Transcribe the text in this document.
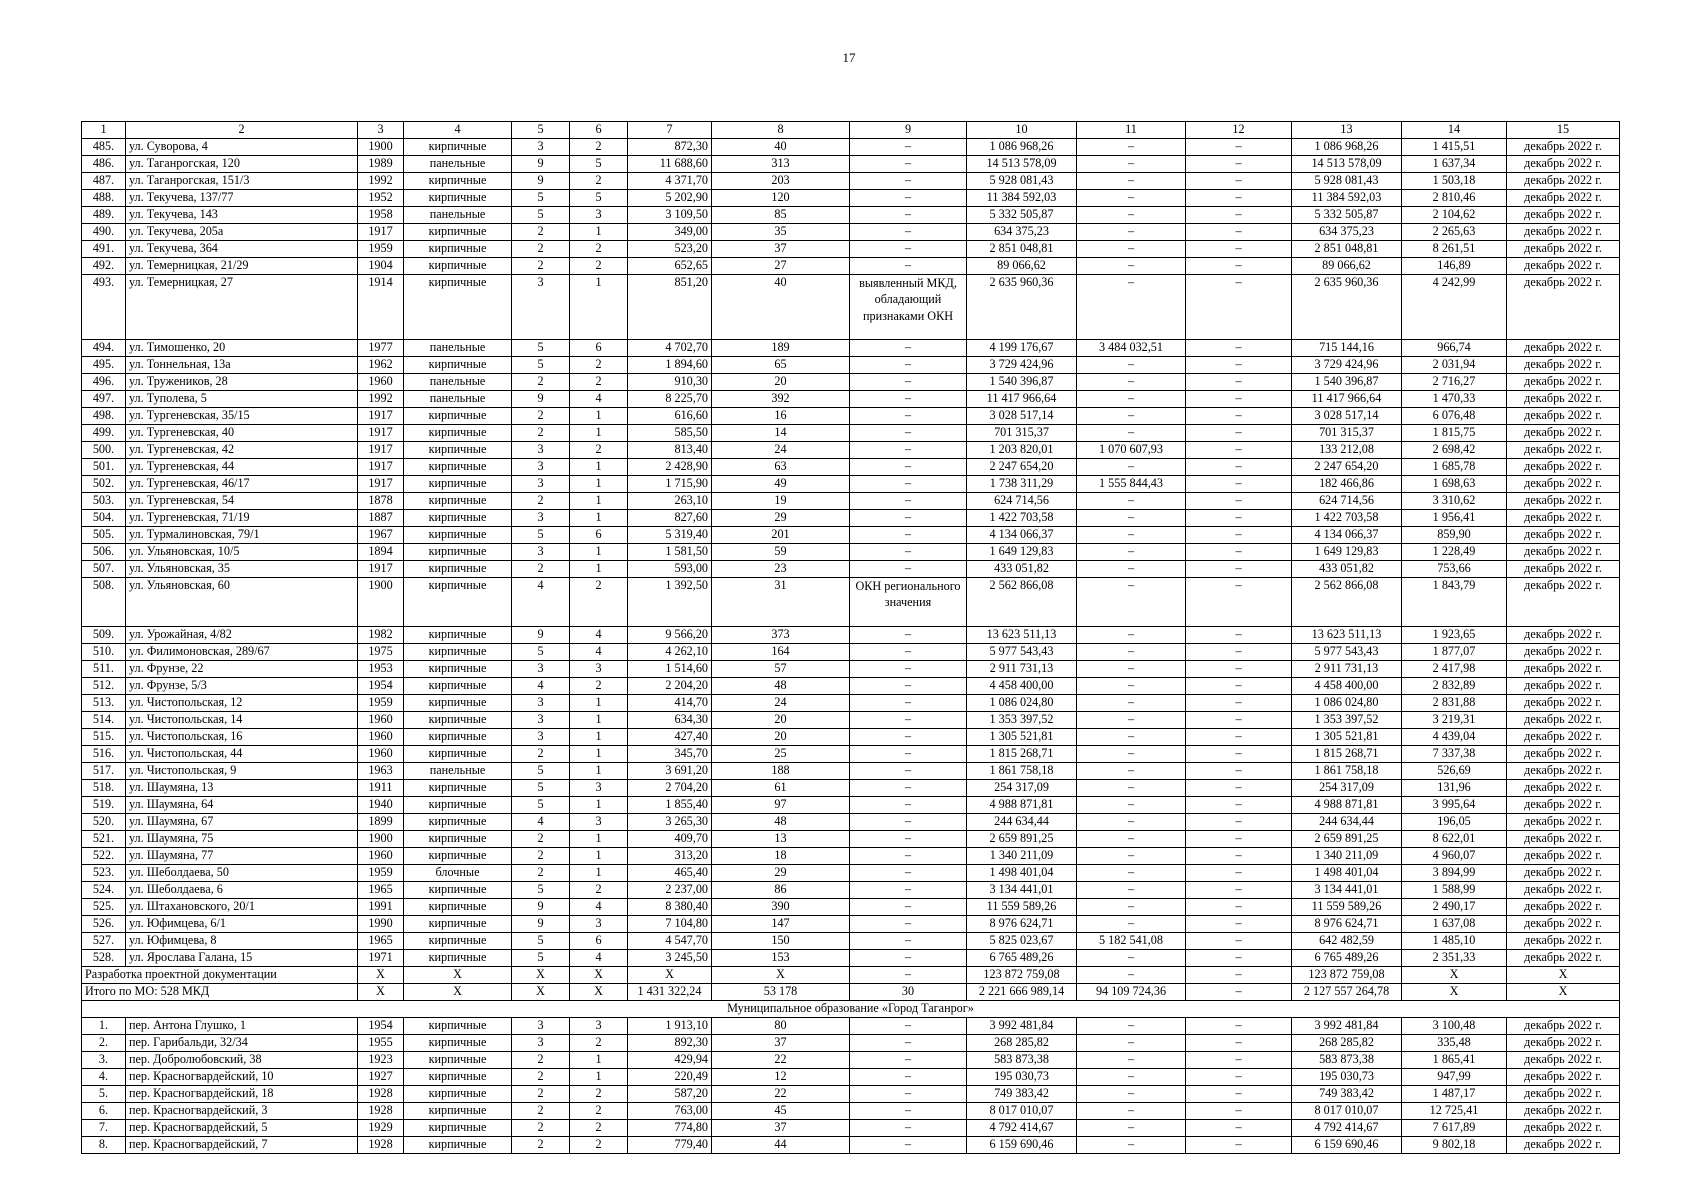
17
1	2	3	4	5	6	7	8	9	10	11	12	13	14	15
485.	ул. Суворова, 4	1900	кирпичные	3	2	872,30	40	–	1 086 968,26	–	–	1 086 968,26	1 415,51	декабрь 2022 г.
486.	ул. Таганрогская, 120	1989	панельные	9	5	11 688,60	313	–	14 513 578,09	–	–	14 513 578,09	1 637,34	декабрь 2022 г.
487.	ул. Таганрогская, 151/3	1992	кирпичные	9	2	4 371,70	203	–	5 928 081,43	–	–	5 928 081,43	1 503,18	декабрь 2022 г.
488.	ул. Текучева, 137/77	1952	кирпичные	5	5	5 202,90	120	–	11 384 592,03	–	–	11 384 592,03	2 810,46	декабрь 2022 г.
489.	ул. Текучева, 143	1958	панельные	5	3	3 109,50	85	–	5 332 505,87	–	–	5 332 505,87	2 104,62	декабрь 2022 г.
490.	ул. Текучева, 205а	1917	кирпичные	2	1	349,00	35	–	634 375,23	–	–	634 375,23	2 265,63	декабрь 2022 г.
491.	ул. Текучева, 364	1959	кирпичные	2	2	523,20	37	–	2 851 048,81	–	–	2 851 048,81	8 261,51	декабрь 2022 г.
492.	ул. Темерницкая, 21/29	1904	кирпичные	2	2	652,65	27	–	89 066,62	–	–	89 066,62	146,89	декабрь 2022 г.
493.	ул. Темерницкая, 27	1914	кирпичные	3	1	851,20	40	выявленный МКД, обладающий признаками ОКН	2 635 960,36	–	–	2 635 960,36	4 242,99	декабрь 2022 г.
494.	ул. Тимошенко, 20	1977	панельные	5	6	4 702,70	189	–	4 199 176,67	3 484 032,51	–	715 144,16	966,74	декабрь 2022 г.
495.	ул. Тоннельная, 13а	1962	кирпичные	5	2	1 894,60	65	–	3 729 424,96	–	–	3 729 424,96	2 031,94	декабрь 2022 г.
496.	ул. Тружеников, 28	1960	панельные	2	2	910,30	20	–	1 540 396,87	–	–	1 540 396,87	2 716,27	декабрь 2022 г.
497.	ул. Туполева, 5	1992	панельные	9	4	8 225,70	392	–	11 417 966,64	–	–	11 417 966,64	1 470,33	декабрь 2022 г.
498.	ул. Тургеневская, 35/15	1917	кирпичные	2	1	616,60	16	–	3 028 517,14	–	–	3 028 517,14	6 076,48	декабрь 2022 г.
499.	ул. Тургеневская, 40	1917	кирпичные	2	1	585,50	14	–	701 315,37	–	–	701 315,37	1 815,75	декабрь 2022 г.
500.	ул. Тургеневская, 42	1917	кирпичные	3	2	813,40	24	–	1 203 820,01	1 070 607,93	–	133 212,08	2 698,42	декабрь 2022 г.
501.	ул. Тургеневская, 44	1917	кирпичные	3	1	2 428,90	63	–	2 247 654,20	–	–	2 247 654,20	1 685,78	декабрь 2022 г.
502.	ул. Тургеневская, 46/17	1917	кирпичные	3	1	1 715,90	49	–	1 738 311,29	1 555 844,43	–	182 466,86	1 698,63	декабрь 2022 г.
503.	ул. Тургеневская, 54	1878	кирпичные	2	1	263,10	19	–	624 714,56	–	–	624 714,56	3 310,62	декабрь 2022 г.
504.	ул. Тургеневская, 71/19	1887	кирпичные	3	1	827,60	29	–	1 422 703,58	–	–	1 422 703,58	1 956,41	декабрь 2022 г.
505.	ул. Турмалиновская, 79/1	1967	кирпичные	5	6	5 319,40	201	–	4 134 066,37	–	–	4 134 066,37	859,90	декабрь 2022 г.
506.	ул. Ульяновская, 10/5	1894	кирпичные	3	1	1 581,50	59	–	1 649 129,83	–	–	1 649 129,83	1 228,49	декабрь 2022 г.
507.	ул. Ульяновская, 35	1917	кирпичные	2	1	593,00	23	–	433 051,82	–	–	433 051,82	753,66	декабрь 2022 г.
508.	ул. Ульяновская, 60	1900	кирпичные	4	2	1 392,50	31	ОКН регионального значения	2 562 866,08	–	–	2 562 866,08	1 843,79	декабрь 2022 г.
509.	ул. Урожайная, 4/82	1982	кирпичные	9	4	9 566,20	373	–	13 623 511,13	–	–	13 623 511,13	1 923,65	декабрь 2022 г.
510.	ул. Филимоновская, 289/67	1975	кирпичные	5	4	4 262,10	164	–	5 977 543,43	–	–	5 977 543,43	1 877,07	декабрь 2022 г.
511.	ул. Фрунзе, 22	1953	кирпичные	3	3	1 514,60	57	–	2 911 731,13	–	–	2 911 731,13	2 417,98	декабрь 2022 г.
512.	ул. Фрунзе, 5/3	1954	кирпичные	4	2	2 204,20	48	–	4 458 400,00	–	–	4 458 400,00	2 832,89	декабрь 2022 г.
513.	ул. Чистопольская, 12	1959	кирпичные	3	1	414,70	24	–	1 086 024,80	–	–	1 086 024,80	2 831,88	декабрь 2022 г.
514.	ул. Чистопольская, 14	1960	кирпичные	3	1	634,30	20	–	1 353 397,52	–	–	1 353 397,52	3 219,31	декабрь 2022 г.
515.	ул. Чистопольская, 16	1960	кирпичные	3	1	427,40	20	–	1 305 521,81	–	–	1 305 521,81	4 439,04	декабрь 2022 г.
516.	ул. Чистопольская, 44	1960	кирпичные	2	1	345,70	25	–	1 815 268,71	–	–	1 815 268,71	7 337,38	декабрь 2022 г.
517.	ул. Чистопольская, 9	1963	панельные	5	1	3 691,20	188	–	1 861 758,18	–	–	1 861 758,18	526,69	декабрь 2022 г.
518.	ул. Шаумяна, 13	1911	кирпичные	5	3	2 704,20	61	–	254 317,09	–	–	254 317,09	131,96	декабрь 2022 г.
519.	ул. Шаумяна, 64	1940	кирпичные	5	1	1 855,40	97	–	4 988 871,81	–	–	4 988 871,81	3 995,64	декабрь 2022 г.
520.	ул. Шаумяна, 67	1899	кирпичные	4	3	3 265,30	48	–	244 634,44	–	–	244 634,44	196,05	декабрь 2022 г.
521.	ул. Шаумяна, 75	1900	кирпичные	2	1	409,70	13	–	2 659 891,25	–	–	2 659 891,25	8 622,01	декабрь 2022 г.
522.	ул. Шаумяна, 77	1960	кирпичные	2	1	313,20	18	–	1 340 211,09	–	–	1 340 211,09	4 960,07	декабрь 2022 г.
523.	ул. Шеболдаева, 50	1959	блочные	2	1	465,40	29	–	1 498 401,04	–	–	1 498 401,04	3 894,99	декабрь 2022 г.
524.	ул. Шеболдаева, 6	1965	кирпичные	5	2	2 237,00	86	–	3 134 441,01	–	–	3 134 441,01	1 588,99	декабрь 2022 г.
525.	ул. Штахановского, 20/1	1991	кирпичные	9	4	8 380,40	390	–	11 559 589,26	–	–	11 559 589,26	2 490,17	декабрь 2022 г.
526.	ул. Юфимцева, 6/1	1990	кирпичные	9	3	7 104,80	147	–	8 976 624,71	–	–	8 976 624,71	1 637,08	декабрь 2022 г.
527.	ул. Юфимцева, 8	1965	кирпичные	5	6	4 547,70	150	–	5 825 023,67	5 182 541,08	–	642 482,59	1 485,10	декабрь 2022 г.
528.	ул. Ярослава Галана, 15	1971	кирпичные	5	4	3 245,50	153	–	6 765 489,26	–	–	6 765 489,26	2 351,33	декабрь 2022 г.
Разработка проектной документации		X	X	X	X	X	X	–	123 872 759,08	–	–	123 872 759,08	X	X
Итого по МО: 528 МКД		X	X	X	X	1 431 322,24	53 178	30	2 221 666 989,14	94 109 724,36	–	2 127 557 264,78	X	X
Муниципальное образование «Город Таганрог»														
1.	пер. Антона Глушко, 1	1954	кирпичные	3	3	1 913,10	80	–	3 992 481,84	–	–	3 992 481,84	3 100,48	декабрь 2022 г.
2.	пер. Гарибальди, 32/34	1955	кирпичные	3	2	892,30	37	–	268 285,82	–	–	268 285,82	335,48	декабрь 2022 г.
3.	пер. Добролюбовский, 38	1923	кирпичные	2	1	429,94	22	–	583 873,38	–	–	583 873,38	1 865,41	декабрь 2022 г.
4.	пер. Красногвардейский, 10	1927	кирпичные	2	1	220,49	12	–	195 030,73	–	–	195 030,73	947,99	декабрь 2022 г.
5.	пер. Красногвардейский, 18	1928	кирпичные	2	2	587,20	22	–	749 383,42	–	–	749 383,42	1 487,17	декабрь 2022 г.
6.	пер. Красногвардейский, 3	1928	кирпичные	2	2	763,00	45	–	8 017 010,07	–	–	8 017 010,07	12 725,41	декабрь 2022 г.
7.	пер. Красногвардейский, 5	1929	кирпичные	2	2	774,80	37	–	4 792 414,67	–	–	4 792 414,67	7 617,89	декабрь 2022 г.
8.	пер. Красногвардейский, 7	1928	кирпичные	2	2	779,40	44	–	6 159 690,46	–	–	6 159 690,46	9 802,18	декабрь 2022 г.
